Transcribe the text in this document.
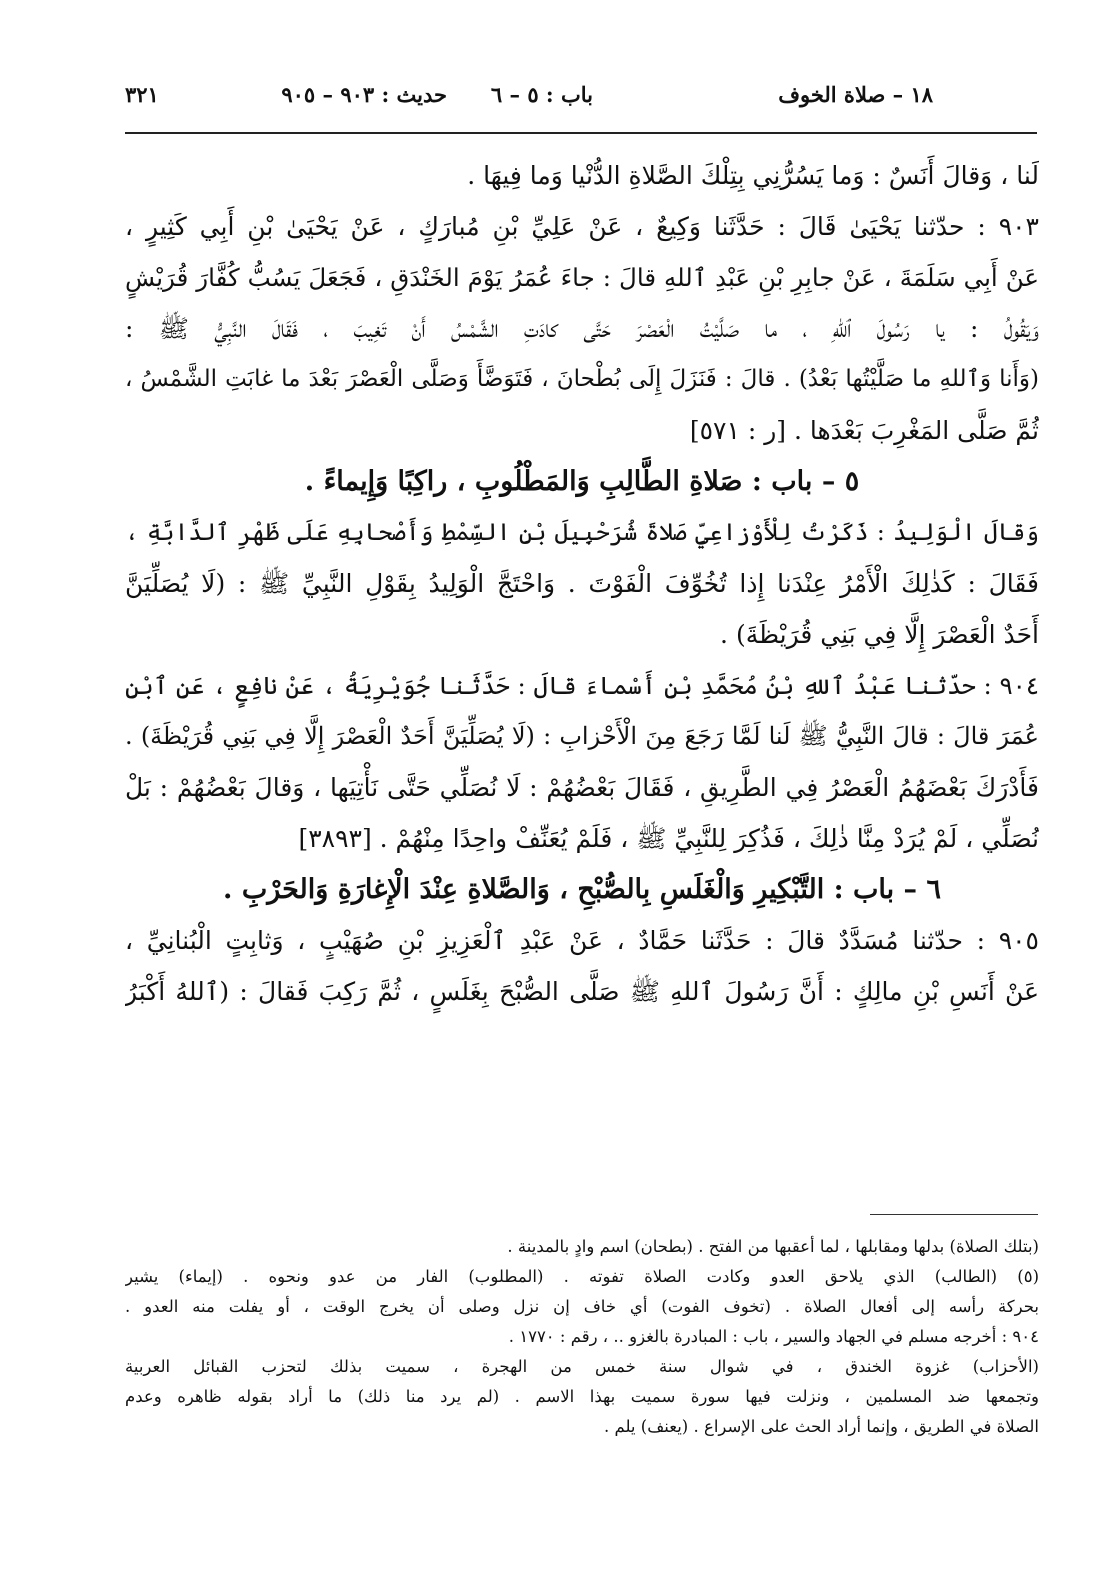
١٨ – صلاة الخوف
باب : ٥ – ٦
حديث : ٩٠٣ – ٩٠٥
٣٢١
لَنا ، وَقالَ أَنَسٌ : وَما يَسُرُّنِي بِتِلْكَ الصَّلاةِ الدُّنْيا وَما فِيهَا .
٩٠٣ : حدّثنا يَحْيَىٰ قَالَ : حَدَّثَنا وَكِيعٌ ، عَنْ عَلِيِّ بْنِ مُبارَكٍ ، عَنْ يَحْيَىٰ بْنِ أَبِي كَثِيرٍ ،
عَنْ أَبِي سَلَمَةَ ، عَنْ جابِرِ بْنِ عَبْدِ ٱللهِ قالَ : جاءَ عُمَرُ يَوْمَ الخَنْدَقِ ، فَجَعَلَ يَسُبُّ كُفَّارَ قُرَيْشٍ
وَيَقُولُ : يا رَسُولَ ٱللهِ ، ما صَلَّيْتُ الْعَصْرَ حَتَّى كادَتِ الشَّمْسُ أَنْ تَغِيبَ ، فَقَالَ النَّبِيُّ ﷺ :
(وَأَنا وَٱللهِ ما صَلَّيْتُها بَعْدُ) . قالَ : فَنَزَلَ إِلَى بُطْحانَ ، فَتَوَضَّأَ وَصَلَّى الْعَصْرَ بَعْدَ ما غابَتِ الشَّمْسُ ،
ثُمَّ صَلَّى المَغْرِبَ بَعْدَها . [ر : ٥٧١]
٥ – باب : صَلاةِ الطَّالِبِ وَالمَطْلُوبِ ، راكِبًا وَإِيماءً .
وَقالَ الْوَلِيدُ : ذَكَرْتُ لِلْأَوْزاعِيِّ صَلاةَ شُرَحْبِيلَ بْنِ السِّمْطِ وَأَصْحابِهِ عَلَى ظَهْرِ ٱلدَّابَّةِ ،
فَقَالَ : كَذٰلِكَ الْأَمْرُ عِنْدَنا إِذا تُخُوِّفَ الْفَوْتَ . وَاحْتَجَّ الْوَلِيدُ بِقَوْلِ النَّبِيِّ ﷺ : (لَا يُصَلِّيَنَّ
أَحَدٌ الْعَصْرَ إِلَّا فِي بَنِي قُرَيْظَةَ) .
٩٠٤ : حدّثنا عَبْدُ ٱللهِ بْنُ مُحَمَّدِ بْنِ أَسْماءَ قالَ : حَدَّثَنا جُوَيْرِيَةُ ، عَنْ نافِعٍ ، عَنِ ٱبْنِ
عُمَرَ قالَ : قالَ النَّبِيُّ ﷺ لَنا لَمَّا رَجَعَ مِنَ الْأَحْزابِ : (لَا يُصَلِّيَنَّ أَحَدٌ الْعَصْرَ إِلَّا فِي بَنِي قُرَيْظَةَ) .
فَأَدْرَكَ بَعْضَهُمُ الْعَصْرُ فِي الطَّرِيقِ ، فَقَالَ بَعْضُهُمْ : لَا نُصَلِّي حَتَّى نَأْتِيَها ، وَقالَ بَعْضُهُمْ : بَلْ
نُصَلِّي ، لَمْ يُرَدْ مِنَّا ذٰلِكَ ، فَذُكِرَ لِلنَّبِيِّ ﷺ ، فَلَمْ يُعَنِّفْ واحِدًا مِنْهُمْ . [٣٨٩٣]
٦ – باب : التَّبْكِيرِ وَالْغَلَسِ بِالصُّبْحِ ، وَالصَّلاةِ عِنْدَ الْإِغارَةِ وَالحَرْبِ .
٩٠٥ : حدّثنا مُسَدَّدٌ قالَ : حَدَّثَنا حَمَّادٌ ، عَنْ عَبْدِ ٱلْعَزِيزِ بْنِ صُهَيْبٍ ، وَثابِتٍ الْبُنانِيِّ ،
عَنْ أَنَسِ بْنِ مالِكٍ : أَنَّ رَسُولَ ٱللهِ ﷺ صَلَّى الصُّبْحَ بِغَلَسٍ ، ثُمَّ رَكِبَ فَقالَ : (ٱللهُ أَكْبَرُ
(بتلك الصلاة) بدلها ومقابلها ، لما أعقبها من الفتح . (بطحان) اسم وادٍ بالمدينة .
(٥) (الطالب) الذي يلاحق العدو وكادت الصلاة تفوته . (المطلوب) الفار من عدو ونحوه . (إيماء) يشير
بحركة رأسه إلى أفعال الصلاة . (تخوف الفوت) أي خاف إن نزل وصلى أن يخرج الوقت ، أو يفلت منه العدو .
٩٠٤ : أخرجه مسلم في الجهاد والسير ، باب : المبادرة بالغزو .. ، رقم : ١٧٧٠ .
(الأحزاب) غزوة الخندق ، في شوال سنة خمس من الهجرة ، سميت بذلك لتحزب القبائل العربية
وتجمعها ضد المسلمين ، ونزلت فيها سورة سميت بهذا الاسم . (لم يرد منا ذلك) ما أراد بقوله ظاهره وعدم
الصلاة في الطريق ، وإنما أراد الحث على الإسراع . (يعنف) يلم .
